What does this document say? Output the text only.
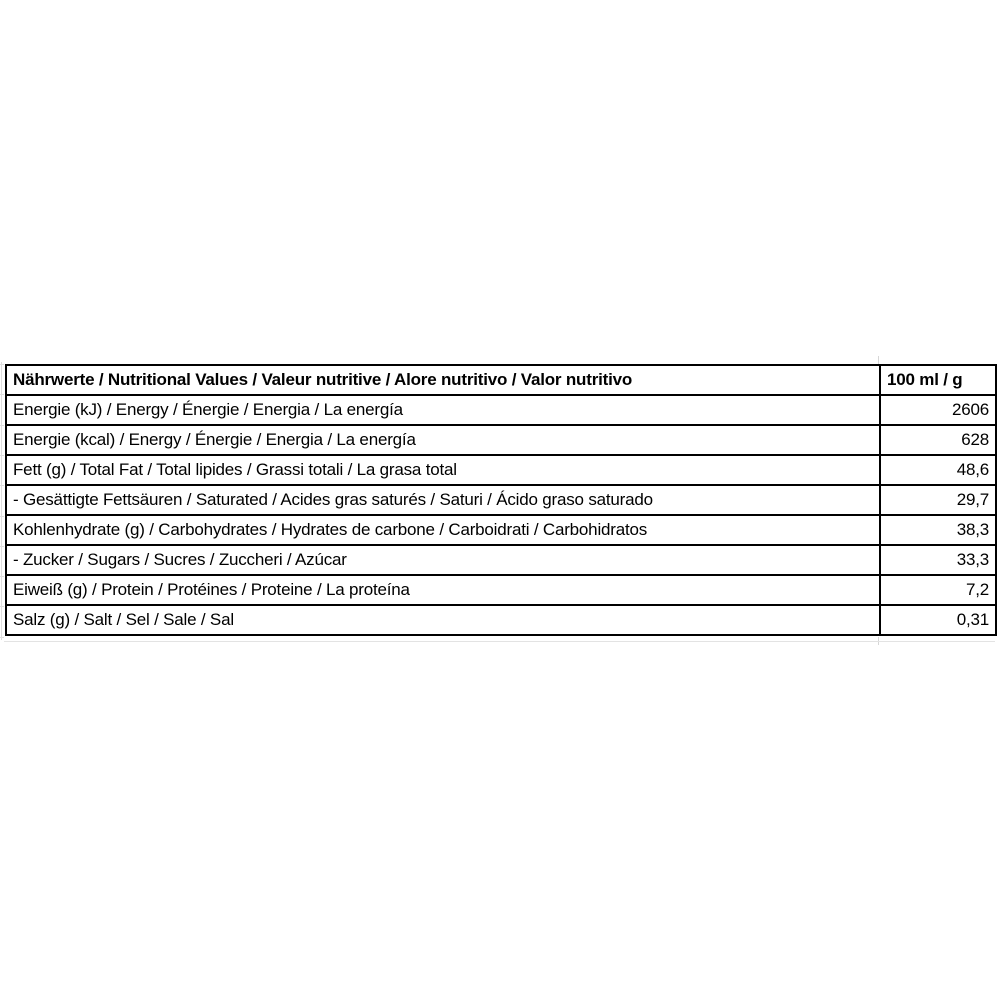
Nährwerte / Nutritional Values / Valeur nutritive / Alore nutritivo / Valor nutritivo	100 ml / g
Energie (kJ) / Energy / Énergie / Energia / La energía	2606
Energie (kcal) / Energy / Énergie / Energia / La energía	628
Fett (g) / Total Fat / Total lipides / Grassi totali / La grasa total	48,6
- Gesättigte Fettsäuren / Saturated / Acides gras saturés / Saturi / Ácido graso saturado	29,7
Kohlenhydrate (g) / Carbohydrates / Hydrates de carbone / Carboidrati / Carbohidratos	38,3
- Zucker / Sugars / Sucres / Zuccheri / Azúcar	33,3
Eiweiß (g) / Protein / Protéines / Proteine / La proteína	7,2
Salz (g) / Salt / Sel / Sale / Sal	0,31
